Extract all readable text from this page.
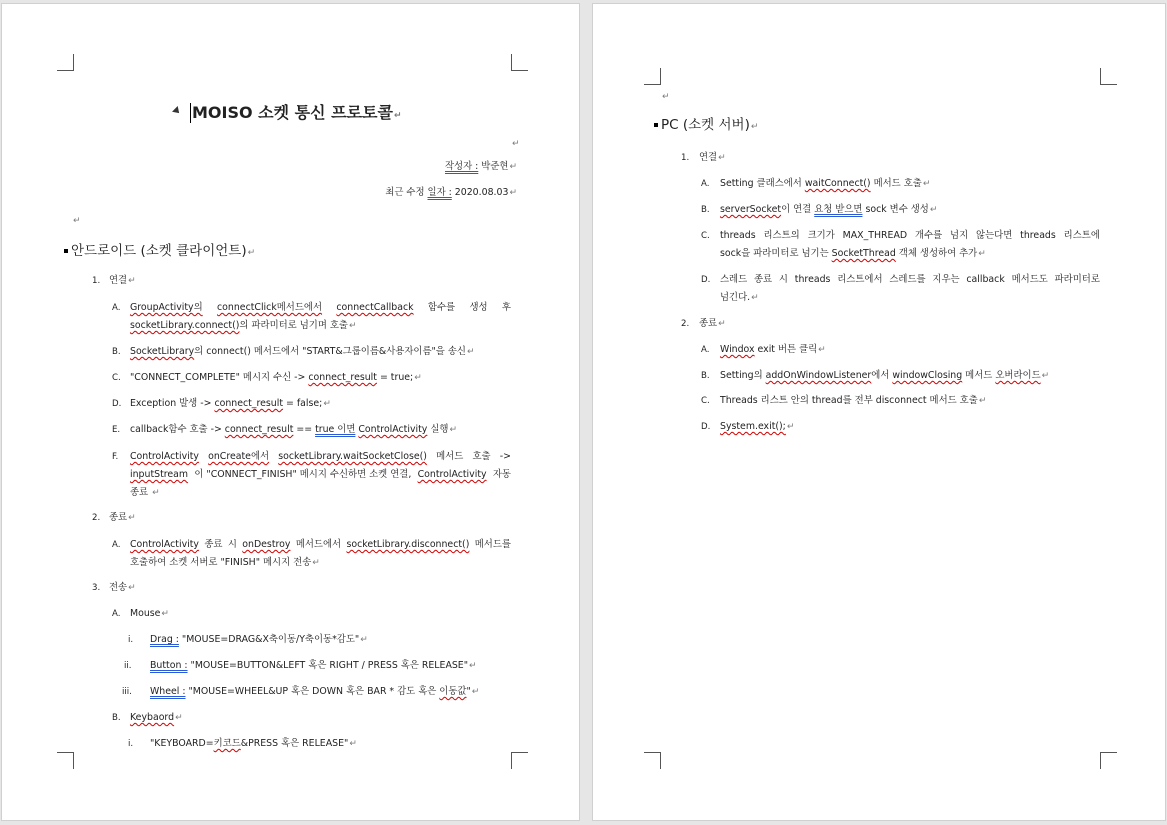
MOISO 소켓 통신 프로토콜↵
↵
작성자 : 박준현↵
최근 수정 일자 : 2020.08.03↵
↵
안드로이드 (소켓 클라이언트)↵
1. 연결↵
A. GroupActivity의 connectClick메서드에서 connectCallback 함수를 생성 후
socketLibrary.connect()의 파라미터로 넘기며 호출↵
B. SocketLibrary의 connect() 메서드에서 "START&그룹이름&사용자이름"을 송신↵
C. "CONNECT_COMPLETE" 메시지 수신 -> connect_result = true;↵
D. Exception 발생 -> connect_result = false;↵
E. callback함수 호출 -> connect_result == true 이면 ControlActivity 실행↵
F. ControlActivity onCreate에서 socketLibrary.waitSocketClose() 메서드 호출 ->
inputStream 이 "CONNECT_FINISH" 메시지 수신하면 소켓 연결, ControlActivity 자동
종료 ↵
2. 종료↵
A. ControlActivity 종료 시 onDestroy 메서드에서 socketLibrary.disconnect() 메서드를
호출하여 소켓 서버로 "FINISH" 메시지 전송↵
3. 전송↵
A. Mouse↵
i. Drag : "MOUSE=DRAG&X축이동/Y축이동*감도"↵
ii. Button : "MOUSE=BUTTON&LEFT 혹은 RIGHT / PRESS 혹은 RELEASE"↵
iii. Wheel : "MOUSE=WHEEL&UP 혹은 DOWN 혹은 BAR * 감도 혹은 이동값"↵
B. Keybaord↵
i. "KEYBOARD=키코드&PRESS 혹은 RELEASE"↵
↵
PC (소켓 서버)↵
1. 연결↵
A. Setting 클래스에서 waitConnect() 메서드 호출↵
B. serverSocket이 연결 요청 받으면 sock 변수 생성↵
C. threads 리스트의 크기가 MAX_THREAD 개수를 넘지 않는다면 threads 리스트에
sock을 파라미터로 넘기는 SocketThread 객체 생성하여 추가↵
D. 스레드 종료 시 threads 리스트에서 스레드를 지우는 callback 메서드도 파라미터로
넘긴다.↵
2. 종료↵
A. Windox exit 버튼 클릭↵
B. Setting의 addOnWindowListener에서 windowClosing 메서드 오버라이드↵
C. Threads 리스트 안의 thread를 전부 disconnect 메서드 호출↵
D. System.exit();↵
